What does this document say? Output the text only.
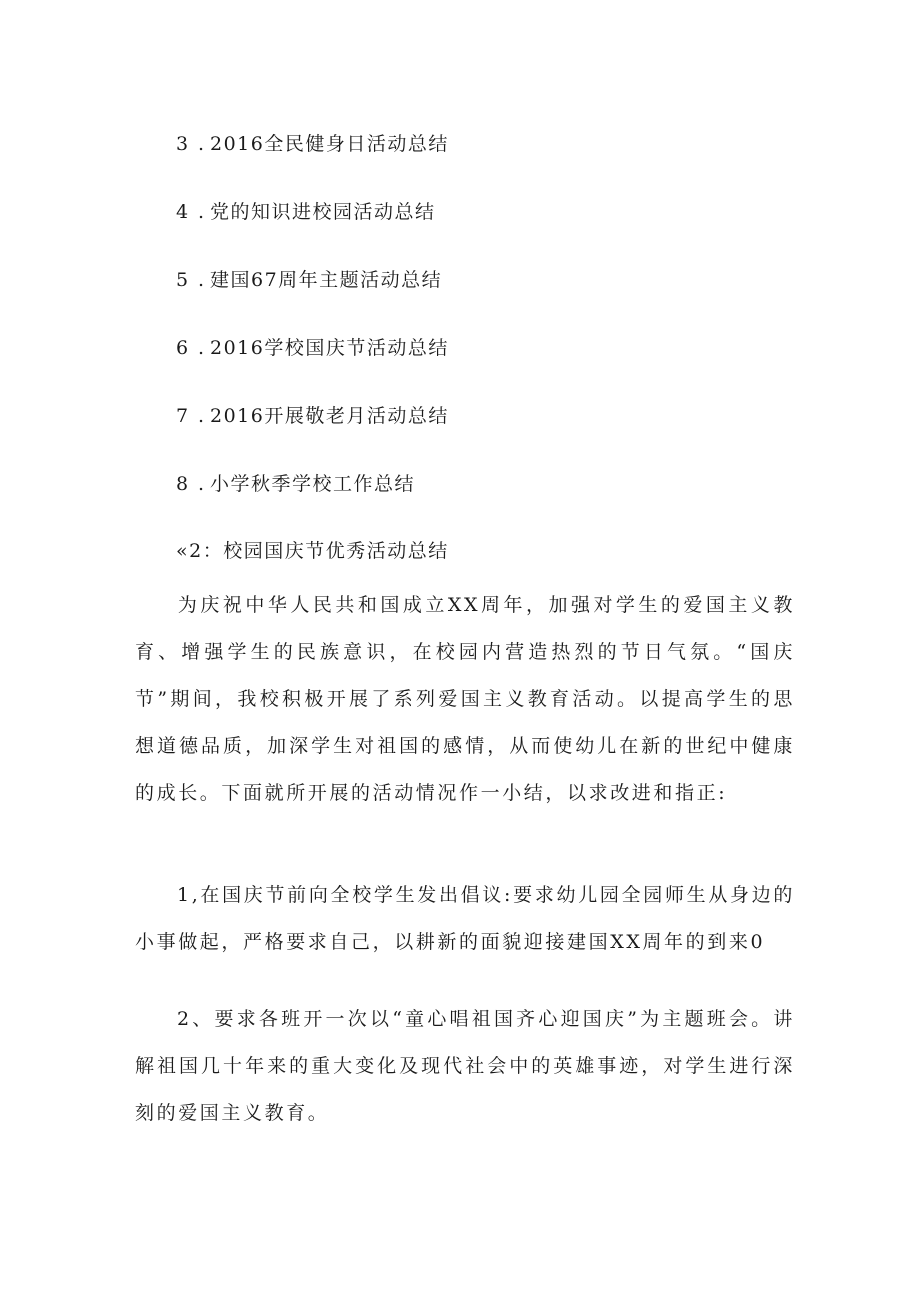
3 . 2016全民健身日活动总结
4 . 党的知识进校园活动总结
5 . 建国67周年主题活动总结
6 . 2016学校国庆节活动总结
7 . 2016开展敬老月活动总结
8 . 小学秋季学校工作总结
«2：校园国庆节优秀活动总结
为庆祝中华人民共和国成立XX周年，加强对学生的爱国主义教育、增强学生的民族意识，在校园内营造热烈的节日气氛。“国庆节”期间，我校积极开展了系列爱国主义教育活动。以提高学生的思想道德品质，加深学生对祖国的感情，从而使幼儿在新的世纪中健康的成长。下面就所开展的活动情况作一小结，以求改进和指正:
1,在国庆节前向全校学生发出倡议:要求幼儿园全园师生从身边的小事做起，严格要求自己，以耕新的面貌迎接建国XX周年的到来0
2、要求各班开一次以“童心唱祖国齐心迎国庆”为主题班会。讲解祖国几十年来的重大变化及现代社会中的英雄事迹，对学生进行深刻的爱国主义教育。
